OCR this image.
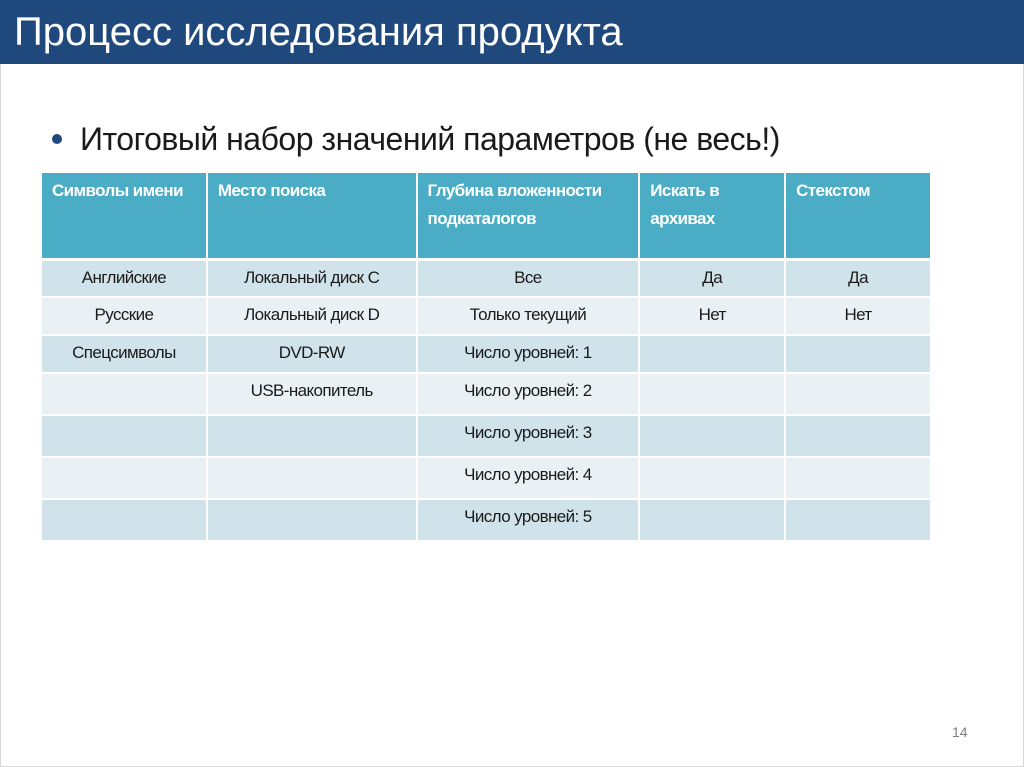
Процесс исследования продукта
Итоговый набор значений параметров (не весь!)
Символы имени	Место поиска	Глубина вложенности подкаталогов	Искать в архивах	Стекстом
Английские	Локальный диск C	Все	Да	Да
Русские	Локальный диск D	Только текущий	Нет	Нет
Спецсимволы	DVD-RW	Число уровней: 1		
	USB-накопитель	Число уровней: 2		
		Число уровней: 3		
		Число уровней: 4		
		Число уровней: 5		
14
